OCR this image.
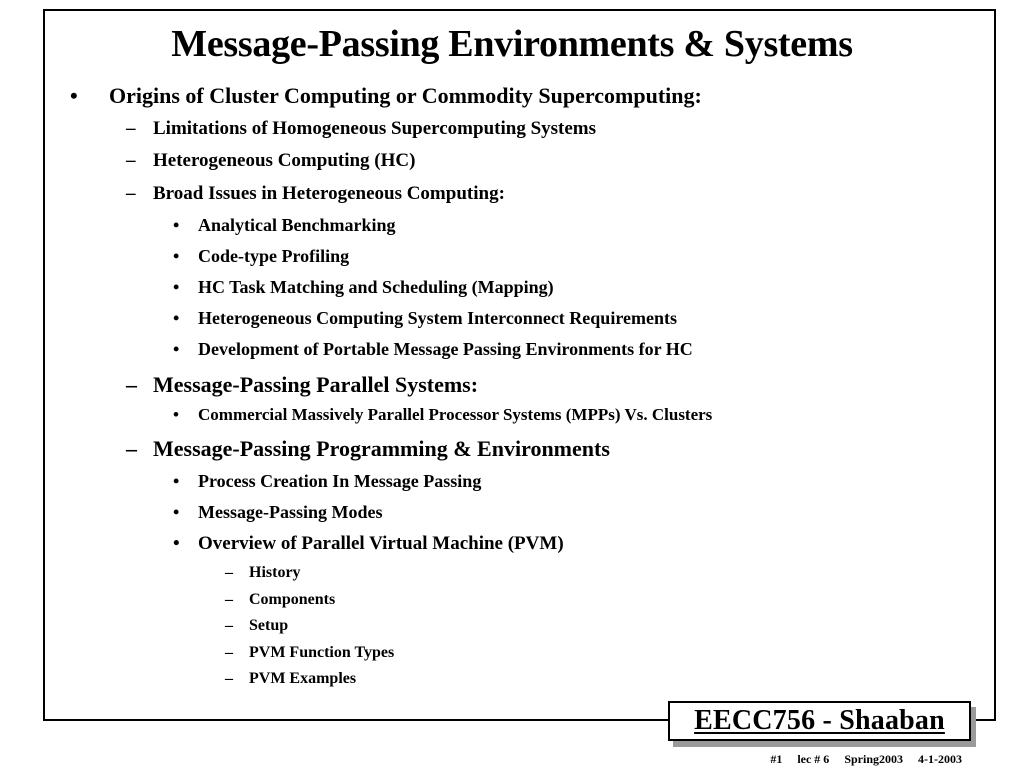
Message-Passing Environments & Systems
• Origins of Cluster Computing or Commodity Supercomputing:
– Limitations of Homogeneous Supercomputing Systems
– Heterogeneous Computing (HC)
– Broad Issues in Heterogeneous Computing:
• Analytical Benchmarking
• Code-type Profiling
• HC Task Matching and Scheduling (Mapping)
• Heterogeneous Computing System Interconnect Requirements
• Development of Portable Message Passing Environments for HC
– Message-Passing Parallel Systems:
• Commercial Massively Parallel Processor Systems (MPPs) Vs. Clusters
– Message-Passing Programming & Environments
• Process Creation In Message Passing
• Message-Passing Modes
• Overview of Parallel Virtual Machine (PVM)
– History
– Components
– Setup
– PVM Function Types
– PVM Examples
EECC756 - Shaaban
#1 lec # 6 Spring2003 4-1-2003
